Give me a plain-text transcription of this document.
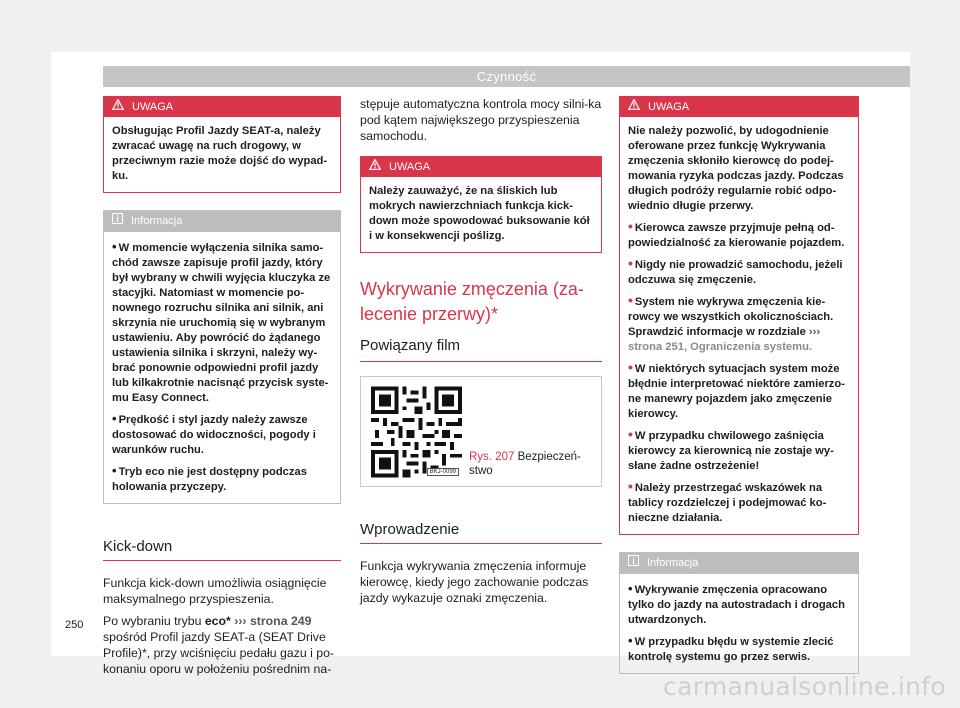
Czynność
UWAGA
Obsługując Profil Jazdy SEAT-a, należy zwracać uwagę na ruch drogowy, w przeciwnym razie może dojść do wypad-ku.
Informacja

• W momencie wyłączenia silnika samo-chód zawsze zapisuje profil jazdy, który był wybrany w chwili wyjęcia kluczyka ze stacyjki. Natomiast w momencie po-nownego rozruchu silnika ani silnik, ani skrzynia nie uruchomią się w wybranym ustawieniu. Aby powrócić do żądanego ustawienia silnika i skrzyni, należy wy-brać ponownie odpowiedni profil jazdy lub kilkakrotnie nacisnąć przycisk syste-mu Easy Connect.

• Prędkość i styl jazdy należy zawsze dostosować do widoczności, pogody i warunków ruchu.

• Tryb eco nie jest dostępny podczas holowania przyczepy.

Kick-down

Funkcja kick-down umożliwia osiągnięcie maksymalnego przyspieszenia.

Po wybraniu trybu eco* ››› strona 249 spośród Profil jazdy SEAT-a (SEAT Drive Profile)*, przy wciśnięciu pedału gazu i po-konaniu oporu w położeniu pośrednim na-

stępuje automatyczna kontrola mocy silni-ka pod kątem największego przyspieszenia samochodu.
UWAGA
Należy zauważyć, że na śliskich lub mokrych nawierzchniach funkcja kick-down może spowodować buksowanie kół i w konsekwencji poślizg.
Wykrywanie zmęczenia (za-lecenie przerwy)*
Powiązany film
BKJ-0099
Rys. 207 Bezpieczeń-stwo
Wprowadzenie
Funkcja wykrywania zmęczenia informuje kierowcę, kiedy jego zachowanie podczas jazdy wykazuje oznaki zmęczenia.
UWAGA

Nie należy pozwolić, by udogodnienie oferowane przez funkcję Wykrywania zmęczenia skłoniło kierowcę do podej-mowania ryzyka podczas jazdy. Podczas długich podróży regularnie robić odpo-wiednio długie przerwy.

• Kierowca zawsze przyjmuje pełną od-powiedzialność za kierowanie pojazdem.

• Nigdy nie prowadzić samochodu, jeżeli odczuwa się zmęczenie.

• System nie wykrywa zmęczenia kie-rowcy we wszystkich okolicznościach. Sprawdzić informacje w rozdziale ››› strona 251, Ograniczenia systemu.

• W niektórych sytuacjach system może błędnie interpretować niektóre zamierzo-ne manewry pojazdem jako zmęczenie kierowcy.

• W przypadku chwilowego zaśnięcia kierowcy za kierownicą nie zostaje wy-słane żadne ostrzeżenie!

• Należy przestrzegać wskazówek na tablicy rozdzielczej i podejmować ko-nieczne działania.

Informacja

• Wykrywanie zmęczenia opracowano tylko do jazdy na autostradach i drogach utwardzonych.

• W przypadku błędu w systemie zlecić kontrolę systemu go przez serwis.

250
carmanualsonline.info
